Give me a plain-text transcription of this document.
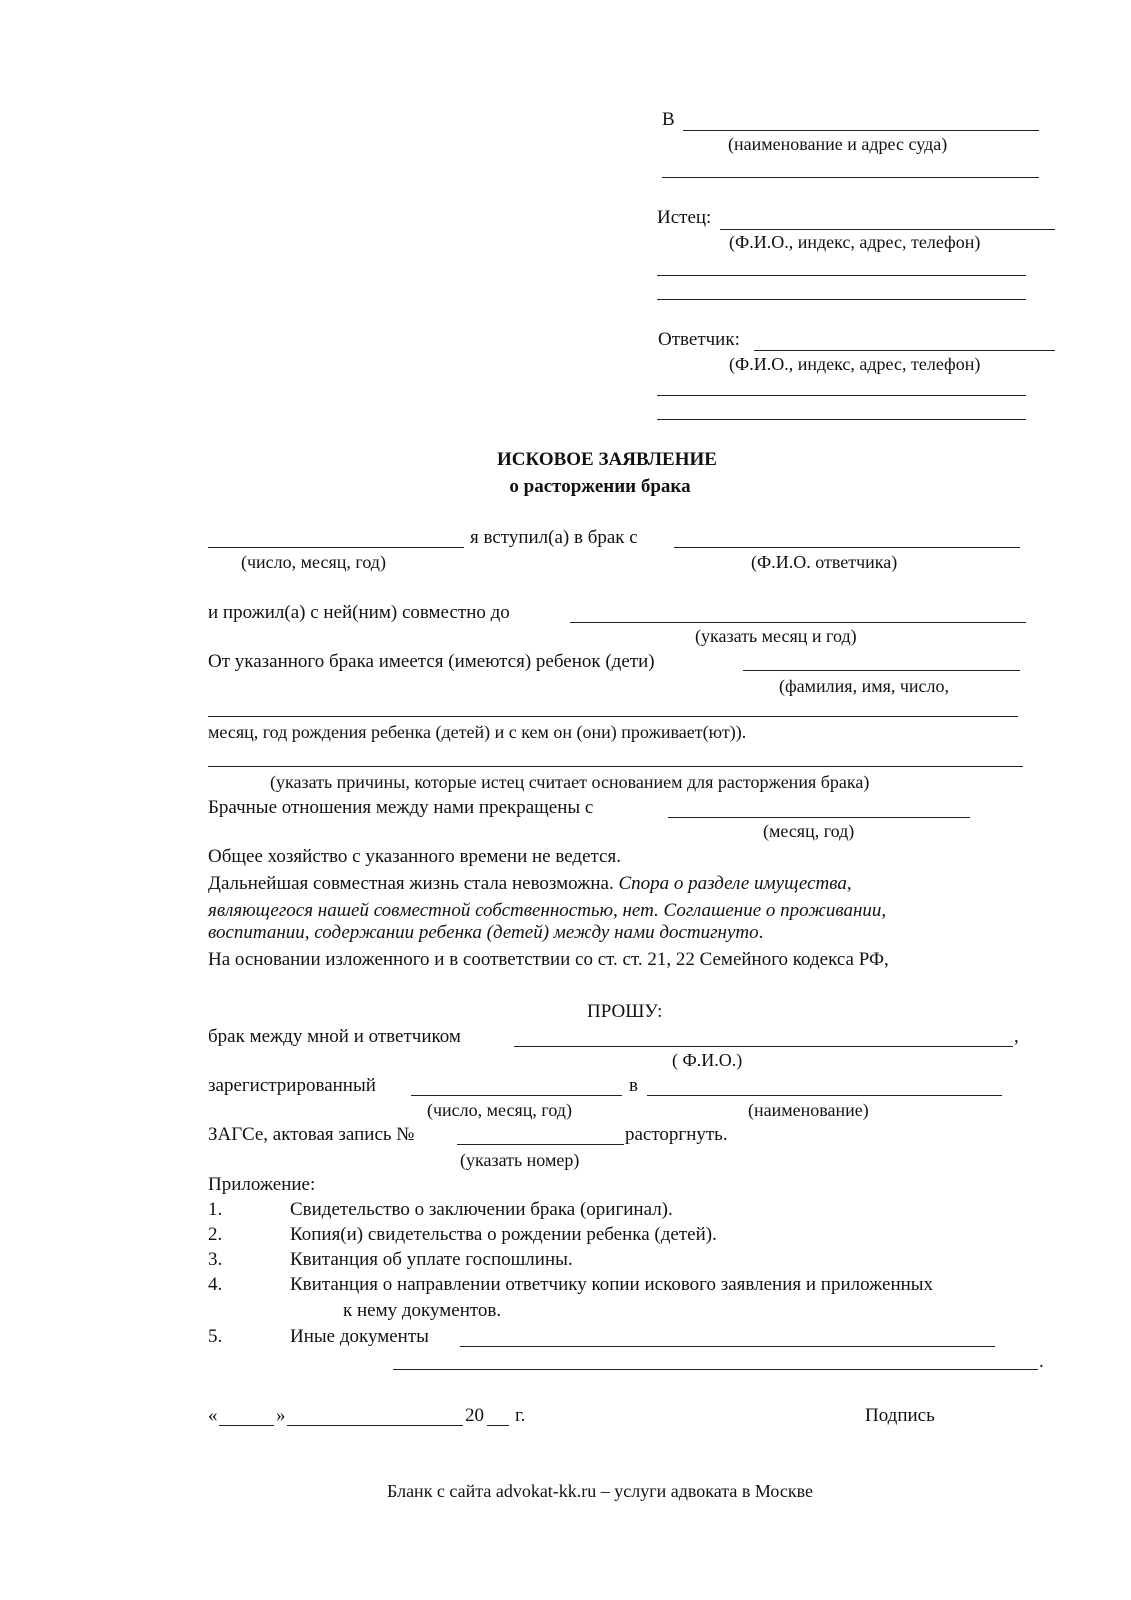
В
(наименование и адрес суда)
Истец:
(Ф.И.О., индекс, адрес, телефон)
Ответчик:
(Ф.И.О., индекс, адрес, телефон)
ИСКОВОЕ ЗАЯВЛЕНИЕ
о расторжении брака
я вступил(а) в брак с
(число, месяц, год)	(Ф.И.О. ответчика)
и прожил(а) с ней(ним) совместно до
(указать месяц и год)
От указанного брака имеется (имеются) ребенок (дети)
(фамилия, имя, число,
месяц, год рождения ребенка (детей) и с кем он (они) проживает(ют)).
(указать причины, которые истец считает основанием для расторжения брака)
Брачные отношения между нами прекращены с
(месяц, год)
Общее хозяйство с указанного времени не ведется.
Дальнейшая совместная жизнь стала невозможна. Спора о разделе имущества,
являющегося нашей совместной собственностью, нет. Соглашение о проживании,
воспитании, содержании ребенка (детей) между нами достигнуто.
На основании изложенного и в соответствии со ст. ст. 21, 22 Семейного кодекса РФ,
ПРОШУ:
брак между мной и ответчиком	,
( Ф.И.О.)
зарегистрированный	в
(число, месяц, год)	(наименование)
ЗАГСе, актовая запись №	расторгнуть.
(указать номер)
Приложение:
1.	Свидетельство о заключении брака (оригинал).
2.	Копия(и) свидетельства о рождении ребенка (детей).
3.	Квитанция об уплате госпошлины.
4.	Квитанция о направлении ответчику копии искового заявления и приложенных
к нему документов.
5.	Иные документы
.
«	»	20 г.	Подпись
Бланк с сайта advokat-kk.ru – услуги адвоката в Москве
